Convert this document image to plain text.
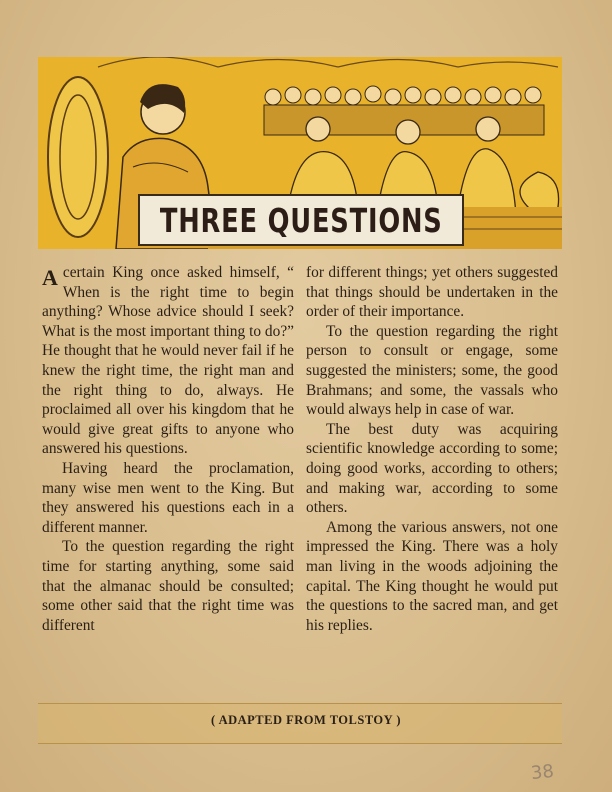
THREE QUESTIONS

A certain King once asked himself, “ When is the right time to begin anything? Whose advice should I seek? What is the most important thing to do?” He thought that he would never fail if he knew the right time, the right man and the right thing to do, always. He proclaimed all over his kingdom that he would give great gifts to anyone who answered his questions.

Having heard the proclamation, many wise men went to the King. But they answered his questions each in a different manner.

To the question regarding the right time for starting anything, some said that the almanac should be consulted; some other said that the right time was different

for different things; yet others suggested that things should be undertaken in the order of their importance.

To the question regarding the right person to consult or engage, some suggested the ministers; some, the good Brahmans; and some, the vassals who would always help in case of war.

The best duty was acquiring scientific knowledge according to some; doing good works, according to others; and making war, according to some others.

Among the various answers, not one impressed the King. There was a holy man living in the woods adjoining the capital. The King thought he would put the questions to the sacred man, and get his replies.

( ADAPTED FROM TOLSTOY )
38
